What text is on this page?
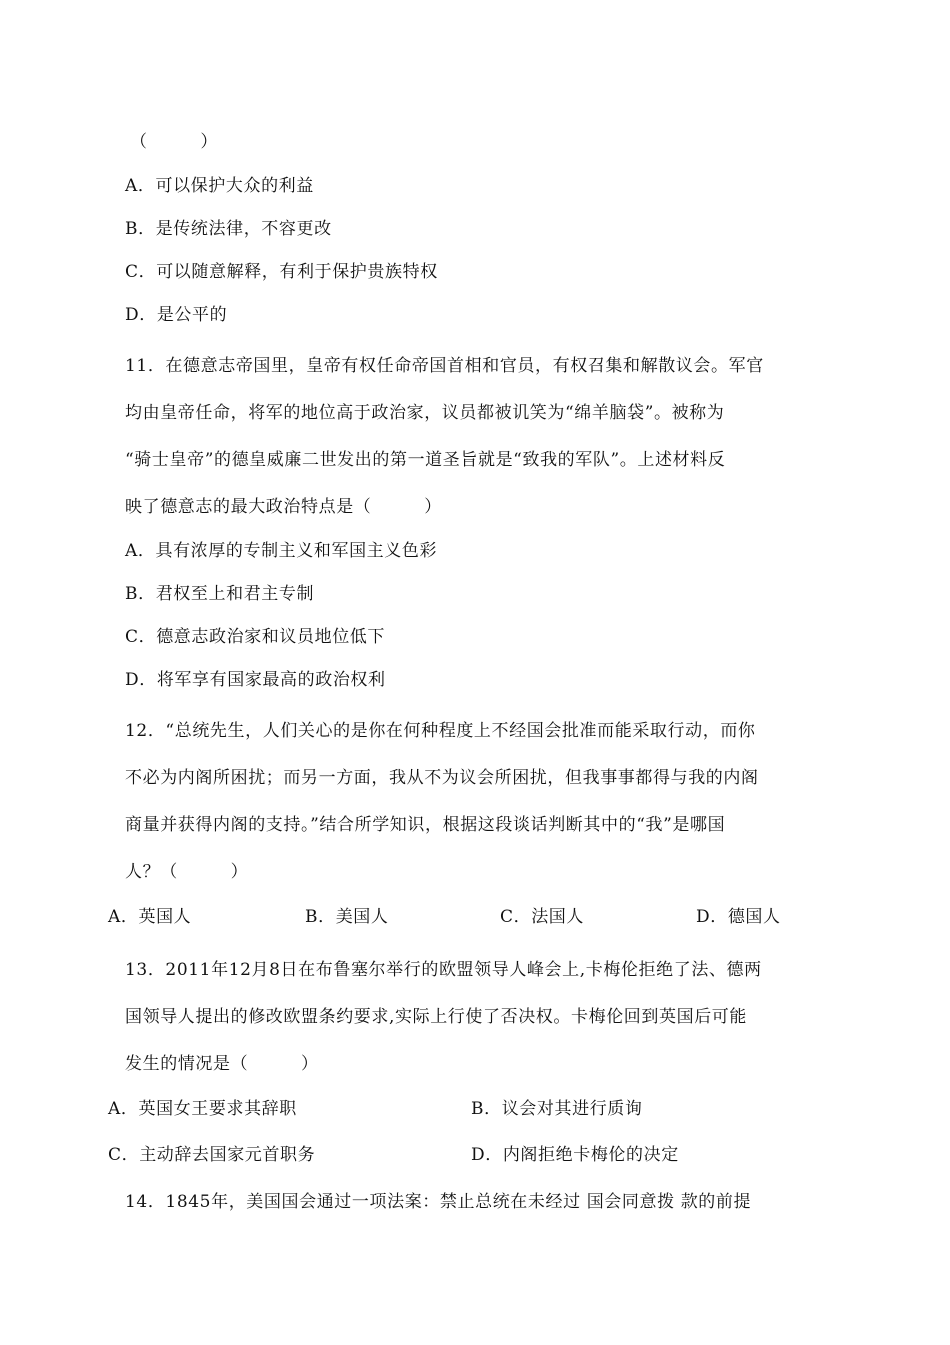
（　　　）
A．可以保护大众的利益
B．是传统法律，不容更改
C．可以随意解释，有利于保护贵族特权
D．是公平的
11．在德意志帝国里，皇帝有权任命帝国首相和官员，有权召集和解散议会。军官
均由皇帝任命，将军的地位高于政治家，议员都被讥笑为“绵羊脑袋”。被称为
“骑士皇帝”的德皇威廉二世发出的第一道圣旨就是“致我的军队”。上述材料反
映了德意志的最大政治特点是（　　　）
A．具有浓厚的专制主义和军国主义色彩
B．君权至上和君主专制
C．德意志政治家和议员地位低下
D．将军享有国家最高的政治权利
12．“总统先生，人们关心的是你在何种程度上不经国会批准而能采取行动，而你
不必为内阁所困扰；而另一方面，我从不为议会所困扰，但我事事都得与我的内阁
商量并获得内阁的支持。”结合所学知识，根据这段谈话判断其中的“我”是哪国
人？（　　　）
A．英国人	B．美国人	C．法国人	D．德国人
13．2011年12月8日在布鲁塞尔举行的欧盟领导人峰会上,卡梅伦拒绝了法、德两
国领导人提出的修改欧盟条约要求,实际上行使了否决权。卡梅伦回到英国后可能
发生的情况是（　　　）
A．英国女王要求其辞职	B．议会对其进行质询
C．主动辞去国家元首职务	D．内阁拒绝卡梅伦的决定
14．1845年，美国国会通过一项法案：禁止总统在未经过 国会同意拨 款的前提
